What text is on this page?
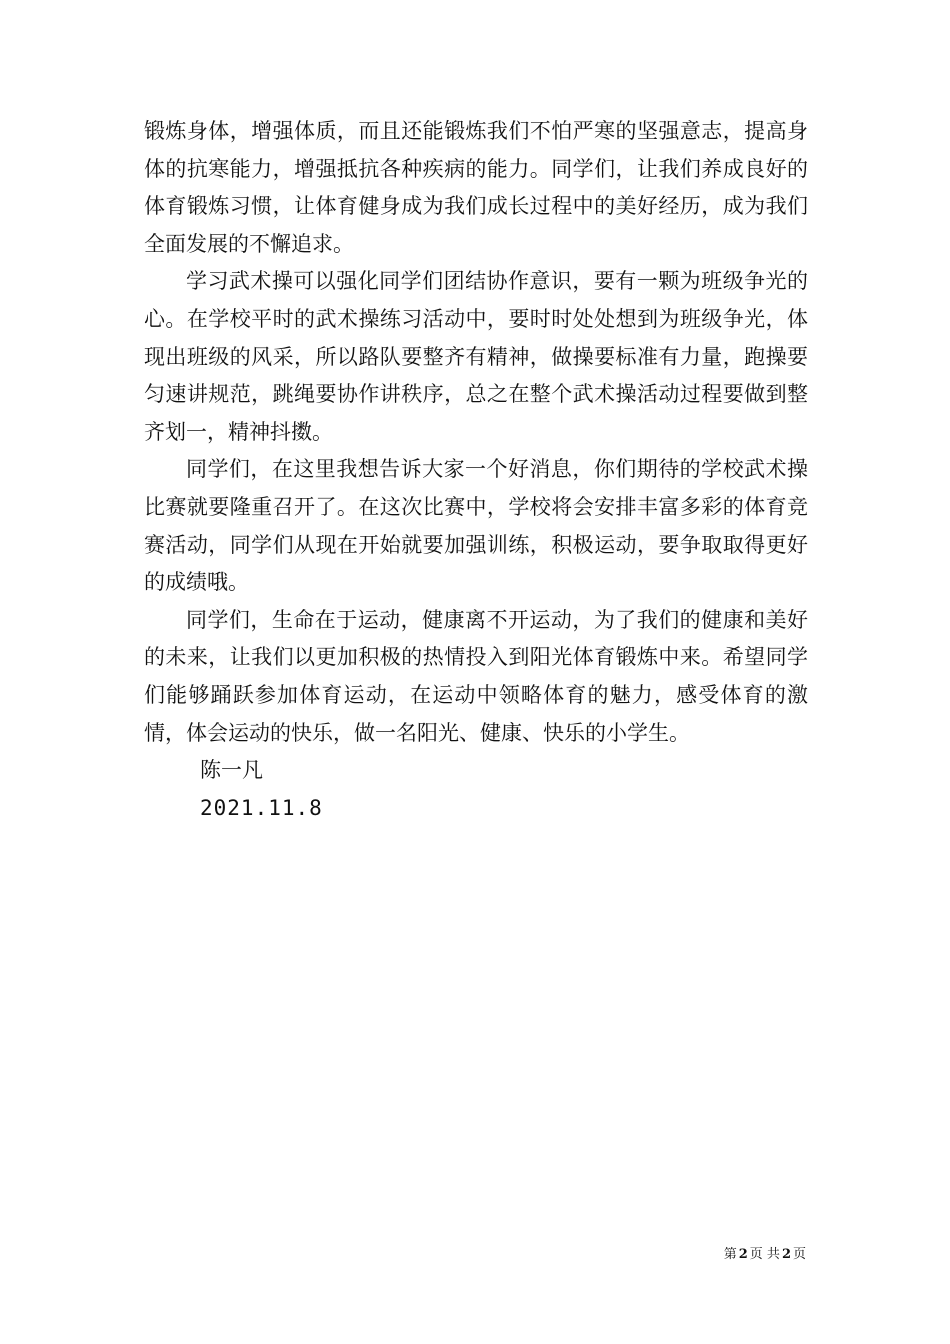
锻炼身体，增强体质，而且还能锻炼我们不怕严寒的坚强意志，提高身体的抗寒能力，增强抵抗各种疾病的能力。同学们，让我们养成良好的体育锻炼习惯，让体育健身成为我们成长过程中的美好经历，成为我们全面发展的不懈追求。

学习武术操可以强化同学们团结协作意识，要有一颗为班级争光的心。在学校平时的武术操练习活动中，要时时处处想到为班级争光，体现出班级的风采，所以路队要整齐有精神，做操要标准有力量，跑操要匀速讲规范，跳绳要协作讲秩序，总之在整个武术操活动过程要做到整齐划一，精神抖擞。

同学们，在这里我想告诉大家一个好消息，你们期待的学校武术操比赛就要隆重召开了。在这次比赛中，学校将会安排丰富多彩的体育竞赛活动，同学们从现在开始就要加强训练，积极运动，要争取取得更好的成绩哦。

同学们，生命在于运动，健康离不开运动，为了我们的健康和美好的未来，让我们以更加积极的热情投入到阳光体育锻炼中来。希望同学们能够踊跃参加体育运动，在运动中领略体育的魅力，感受体育的激情，体会运动的快乐，做一名阳光、健康、快乐的小学生。

陈一凡

2021.11.8

第 2 页 共 2 页
